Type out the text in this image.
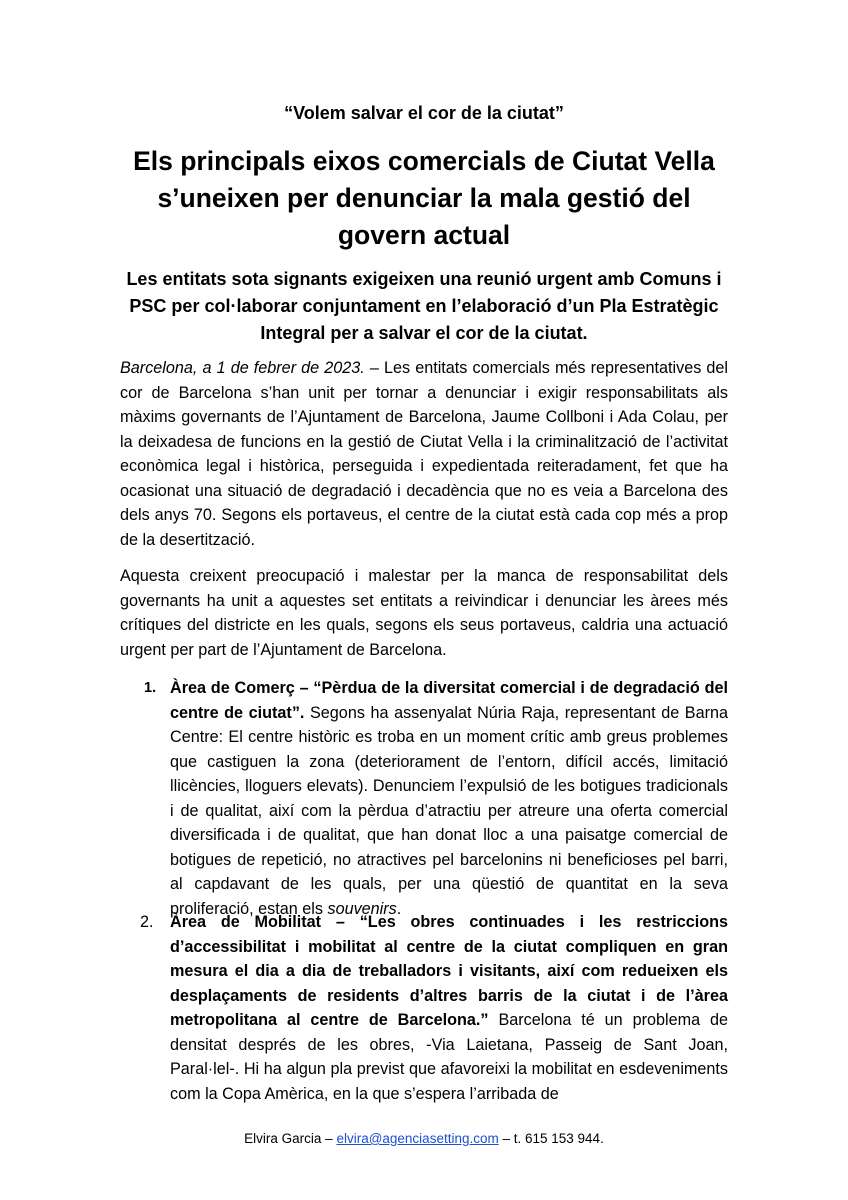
“Volem salvar el cor de la ciutat”
Els principals eixos comercials de Ciutat Vella s’uneixen per denunciar la mala gestió del govern actual
Les entitats sota signants exigeixen una reunió urgent amb Comuns i PSC per col·laborar conjuntament en l’elaboració d’un Pla Estratègic Integral per a salvar el cor de la ciutat.

Barcelona, a 1 de febrer de 2023. – Les entitats comercials més representatives del cor de Barcelona s’han unit per tornar a denunciar i exigir responsabilitats als màxims governants de l’Ajuntament de Barcelona, Jaume Collboni i Ada Colau, per la deixadesa de funcions en la gestió de Ciutat Vella i la criminalització de l’activitat econòmica legal i històrica, perseguida i expedientada reiteradament, fet que ha ocasionat una situació de degradació i decadència que no es veia a Barcelona des dels anys 70. Segons els portaveus, el centre de la ciutat està cada cop més a prop de la desertització.

Aquesta creixent preocupació i malestar per la manca de responsabilitat dels governants ha unit a aquestes set entitats a reivindicar i denunciar les àrees més crítiques del districte en les quals, segons els seus portaveus, caldria una actuació urgent per part de l’Ajuntament de Barcelona.

1. Àrea de Comerç – “Pèrdua de la diversitat comercial i de degradació del centre de ciutat”. Segons ha assenyalat Núria Raja, representant de Barna Centre: El centre històric es troba en un moment crític amb greus problemes que castiguen la zona (deteriorament de l’entorn, difícil accés, limitació llicències, lloguers elevats). Denunciem l’expulsió de les botigues tradicionals i de qualitat, així com la pèrdua d’atractiu per atreure una oferta comercial diversificada i de qualitat, que han donat lloc a una paisatge comercial de botigues de repetició, no atractives pel barcelonins ni beneficioses pel barri, al capdavant de les quals, per una qüestió de quantitat en la seva proliferació, estan els souvenirs.
2. Àrea de Mobilitat – “Les obres continuades i les restriccions d’accessibilitat i mobilitat al centre de la ciutat compliquen en gran mesura el dia a dia de treballadors i visitants, així com redueixen els desplaçaments de residents d’altres barris de la ciutat i de l’àrea metropolitana al centre de Barcelona.” Barcelona té un problema de densitat després de les obres, -Via Laietana, Passeig de Sant Joan, Paral·lel-. Hi ha algun pla previst que afavoreixi la mobilitat en esdeveniments com la Copa Amèrica, en la que s’espera l’arribada de
Elvira Garcia – elvira@agenciasetting.com – t. 615 153 944.
